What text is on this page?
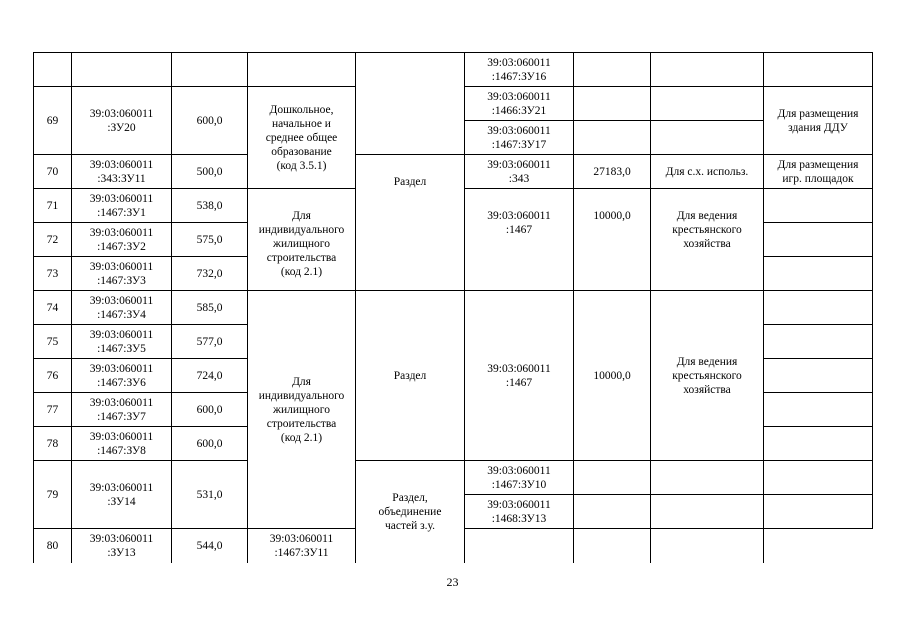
					39:03:060011
:1467:ЗУ16			

69	39:03:060011
:ЗУ20	600,0	Дошкольное,
начальное и
среднее общее
образование
(код 3.5.1)		39:03:060011
:1466:ЗУ21			Для размещения
здания ДДУ

					39:03:060011
:1467:ЗУ17			

70	39:03:060011
:343:ЗУ11	500,0		Раздел	39:03:060011
:343	27183,0	Для с.х. использ.	Для размещения
игр. площадок

71	39:03:060011
:1467:ЗУ1	538,0	Для
индивидуального
жилищного
строительства
(код 2.1)		39:03:060011
:1467	10000,0	Для ведения
крестьянского
хозяйства	

72	39:03:060011
:1467:ЗУ2	575,0						
73	39:03:060011
:1467:ЗУ3	732,0						
74	39:03:060011
:1467:ЗУ4	585,0	Для
индивидуального
жилищного
строительства
(код 2.1)	Раздел	39:03:060011
:1467	10000,0	Для ведения
крестьянского
хозяйства	

75	39:03:060011
:1467:ЗУ5	577,0						
76	39:03:060011
:1467:ЗУ6	724,0						
77	39:03:060011
:1467:ЗУ7	600,0						
78	39:03:060011
:1467:ЗУ8	600,0						
79	39:03:060011
:ЗУ14	531,0		Раздел,
объединение
частей з.у.	39:03:060011
:1467:ЗУ10			

					39:03:060011
:1468:ЗУ13			

80	39:03:060011
:ЗУ13	544,0	39:03:060011
:1467:ЗУ11					

23
